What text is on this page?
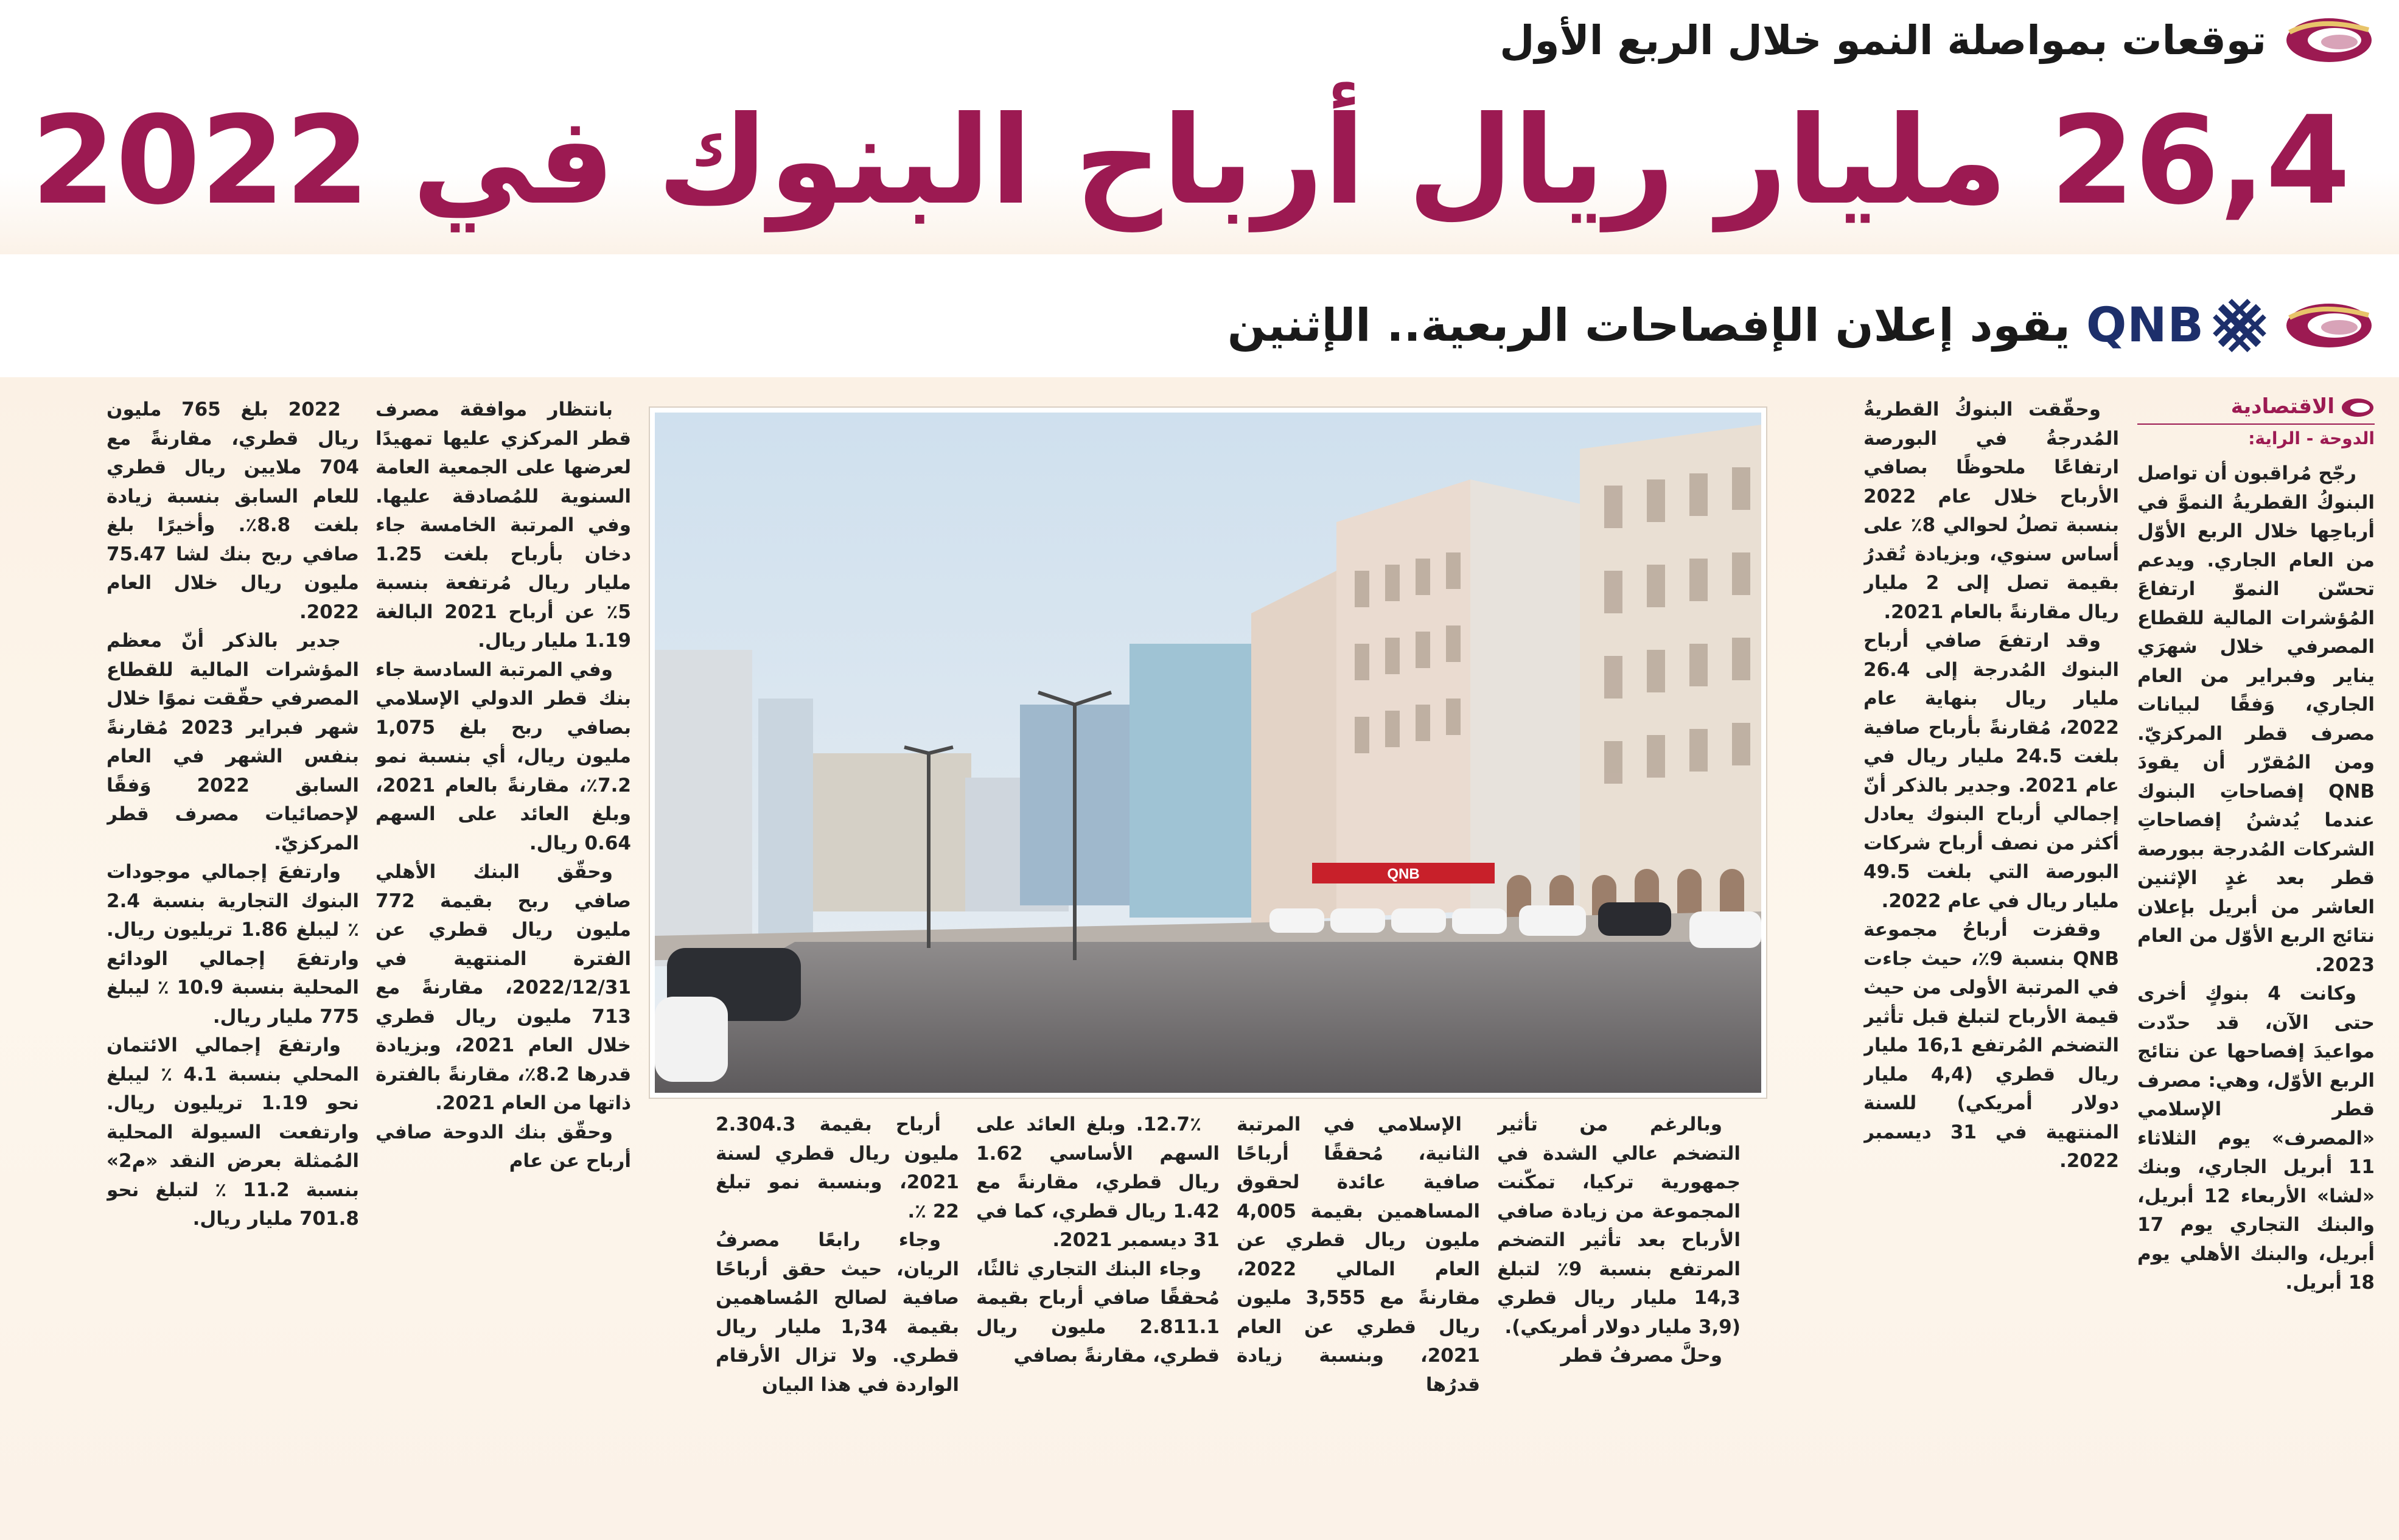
توقعات بمواصلة النمو خلال الربع الأول
26,4 مليار ريال أرباح البنوك في 2022
QNB
يقود إعلان الإفصاحات الربعية.. الإثنين
الاقتصادية
الدوحة - الراية:

رجّح مُراقبون أن تواصل البنوكُ القطريةُ النموَّ في أرباحِها خلال الربع الأوّل من العام الجاري. ويدعم تحسّن النموّ ارتفاعَ المُؤشرات المالية للقطاع المصرفي خلال شهرَي يناير وفبراير من العام الجاري، وَفقًا لبيانات مصرف قطر المركزيّ. ومن المُقرّر أن يقودَ QNB إفصاحاتِ البنوك عندما يُدشنُ إفصاحاتِ الشركات المُدرجة ببورصة قطر بعد غدٍ الإثنين العاشر من أبريل بإعلان نتائج الربع الأوّل من العام 2023.

وكانت 4 بنوكٍ أخرى حتى الآن، قد حدّدت مواعيدَ إفصاحها عن نتائج الربع الأوّل، وهي: مصرف قطر الإسلامي «المصرف» يوم الثلاثاء 11 أبريل الجاري، وبنك «لشا» الأربعاء 12 أبريل، والبنك التجاري يوم 17 أبريل، والبنك الأهلي يوم 18 أبريل.

وحقّقت البنوكُ القطريةُ المُدرجةُ في البورصة ارتفاعًا ملحوظًا بصافي الأرباح خلال عام 2022 بنسبة تصلُ لحوالي 8٪ على أساس سنوي، وبزيادة تُقدرُ بقيمة تصل إلى 2 مليار ريال مقارنةً بالعام 2021.

وقد ارتفعَ صافي أرباح البنوك المُدرجة إلى 26.4 مليار ريال بنهاية عام 2022، مُقارنةً بأرباح صافية بلغت 24.5 مليار ريال في عام 2021. وجدير بالذكر أنّ إجمالي أرباح البنوك يعادل أكثر من نصف أرباح شركات البورصة التي بلغت 49.5 مليار ريال في عام 2022.

وقفزت أرباحُ مجموعة QNB بنسبة 9٪، حيث جاءت في المرتبة الأولى من حيث قيمة الأرباح لتبلغ قبل تأثير التضخم المُرتفع 16,1 مليار ريال قطري (4,4 مليار دولار أمريكي) للسنة المنتهية في 31 ديسمبر 2022.

وبالرغم من تأثير التضخم عالي الشدة في جمهورية تركيا، تمكّنت المجموعة من زيادة صافي الأرباح بعد تأثير التضخم المرتفع بنسبة 9٪ لتبلغ 14,3 مليار ريال قطري (3,9 مليار دولار أمريكي).

وحلَّ مصرفُ قطر

الإسلامي في المرتبة الثانية، مُحققًا أرباحًا صافية عائدة لحقوق المساهمين بقيمة 4,005 مليون ريال قطري عن العام المالي 2022، مقارنةً مع 3,555 مليون ريال قطري عن العام 2021، وبنسبة زيادة قدرُها

12.7٪. وبلغ العائد على السهم الأساسي 1.62 ريال قطري، مقارنةً مع 1.42 ريال قطري، كما في 31 ديسمبر 2021.

وجاء البنك التجاري ثالثًا، مُحققًا صافي أرباح بقيمة 2.811.1 مليون ريال قطري، مقارنةً بصافي

أرباح بقيمة 2.304.3 مليون ريال قطري لسنة 2021، وبنسبة نمو تبلغ 22 ٪.

وجاء رابعًا مصرفُ الريان، حيث حقق أرباحًا صافية لصالح المُساهمين بقيمة 1,34 مليار ريال قطري. ولا تزال الأرقام الواردة في هذا البيان

بانتظار موافقة مصرف قطر المركزي عليها تمهيدًا لعرضها على الجمعية العامة السنوية للمُصادقة عليها. وفي المرتبة الخامسة جاء دخان بأرباح بلغت 1.25 مليار ريال مُرتفعة بنسبة 5٪ عن أرباح 2021 البالغة 1.19 مليار ريال.

وفي المرتبة السادسة جاء بنك قطر الدولي الإسلامي بصافي ربح بلغ 1,075 مليون ريال، أي بنسبة نمو 7.2٪، مقارنةً بالعام 2021، وبلغ العائد على السهم 0.64 ريال.

وحقّق البنك الأهلي صافي ربح بقيمة 772 مليون ريال قطري عن الفترة المنتهية في 2022/12/31، مقارنةً مع 713 مليون ريال قطري خلال العام 2021، وبزيادة قدرها 8.2٪، مقارنةً بالفترة ذاتها من العام 2021.

وحقّق بنك الدوحة صافي أرباح عن عام

2022 بلغ 765 مليون ريال قطري، مقارنةً مع 704 ملايين ريال قطري للعام السابق بنسبة زيادة بلغت 8.8٪. وأخيرًا بلغ صافي ربح بنك لشا 75.47 مليون ريال خلال العام 2022.

جدير بالذكر أنّ معظم المؤشرات المالية للقطاع المصرفي حقّقت نموًا خلال شهر فبراير 2023 مُقارنةً بنفس الشهر في العام السابق 2022 وَفقًا لإحصائيات مصرف قطر المركزيّ.

وارتفعَ إجمالي موجودات البنوك التجارية بنسبة 2.4 ٪ ليبلغ 1.86 تريليون ريال. وارتفعَ إجمالي الودائع المحلية بنسبة 10.9 ٪ ليبلغ 775 مليار ريال.

وارتفعَ إجمالي الائتمان المحلي بنسبة 4.1 ٪ ليبلغ نحو 1.19 تريليون ريال. وارتفعت السيولة المحلية المُمثلة بعرض النقد «م2» بنسبة 11.2 ٪ لتبلغ نحو 701.8 مليار ريال.

QNB
